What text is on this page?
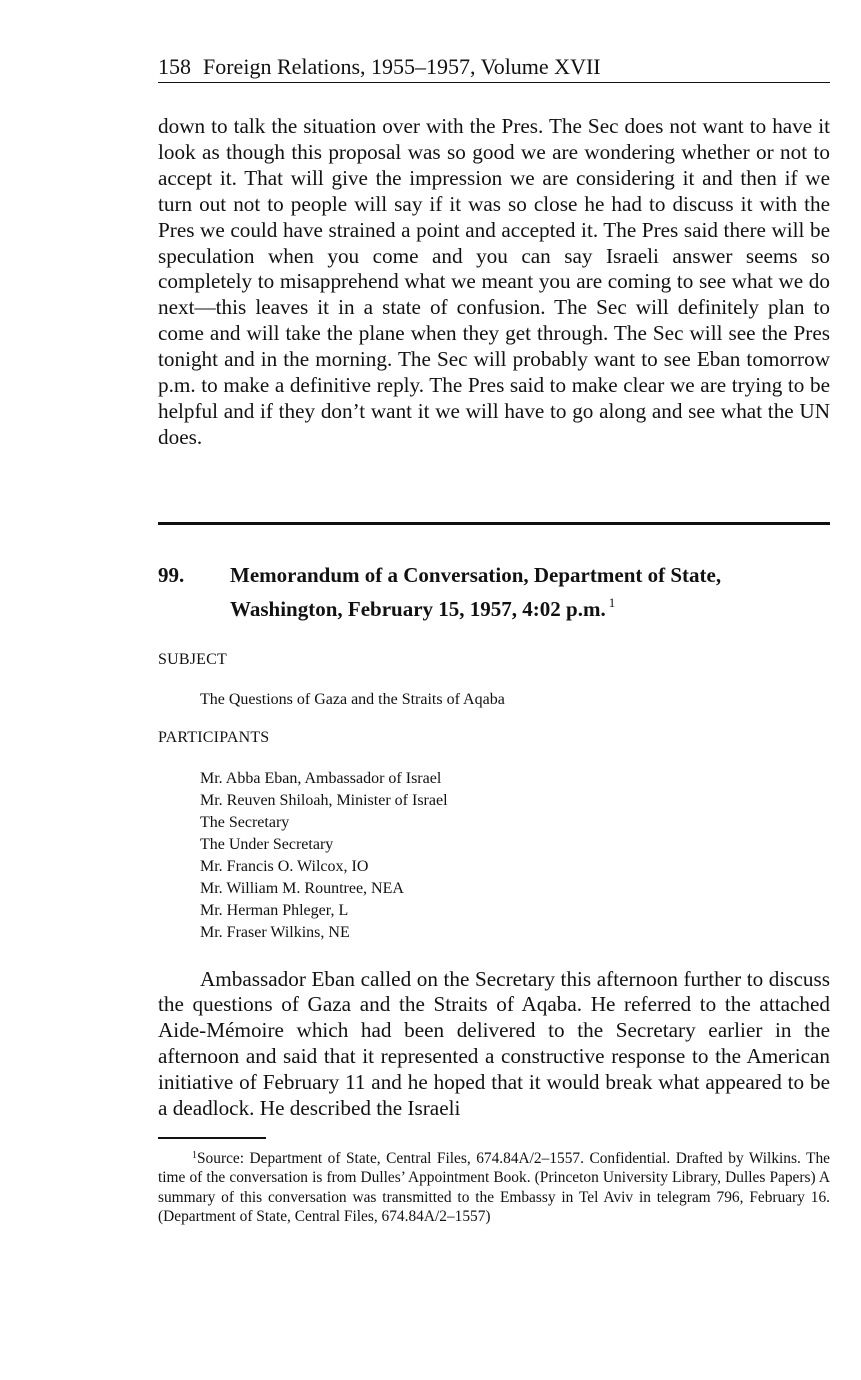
158 Foreign Relations, 1955–1957, Volume XVII

down to talk the situation over with the Pres. The Sec does not want to have it look as though this proposal was so good we are wondering whether or not to accept it. That will give the impression we are considering it and then if we turn out not to people will say if it was so close he had to discuss it with the Pres we could have strained a point and accepted it. The Pres said there will be speculation when you come and you can say Israeli answer seems so completely to misapprehend what we meant you are coming to see what we do next—this leaves it in a state of confusion. The Sec will definitely plan to come and will take the plane when they get through. The Sec will see the Pres tonight and in the morning. The Sec will probably want to see Eban tomorrow p.m. to make a definitive reply. The Pres said to make clear we are trying to be helpful and if they don’t want it we will have to go along and see what the UN does.

99.	Memorandum of a Conversation, Department of State, Washington, February 15, 1957, 4:02 p.m. $^1$
SUBJECT
The Questions of Gaza and the Straits of Aqaba
PARTICIPANTS
Mr. Abba Eban, Ambassador of Israel
Mr. Reuven Shiloah, Minister of Israel
The Secretary
The Under Secretary
Mr. Francis O. Wilcox, IO
Mr. William M. Rountree, NEA
Mr. Herman Phleger, L
Mr. Fraser Wilkins, NE

Ambassador Eban called on the Secretary this afternoon further to discuss the questions of Gaza and the Straits of Aqaba. He referred to the attached Aide-Mémoire which had been delivered to the Secretary earlier in the afternoon and said that it represented a constructive response to the American initiative of February 11 and he hoped that it would break what appeared to be a deadlock. He described the Israeli

$^1$Source: Department of State, Central Files, 674.84A/2–1557. Confidential. Drafted by Wilkins. The time of the conversation is from Dulles’ Appointment Book. (Princeton University Library, Dulles Papers) A summary of this conversation was transmitted to the Embassy in Tel Aviv in telegram 796, February 16. (Department of State, Central Files, 674.84A/2–1557)
